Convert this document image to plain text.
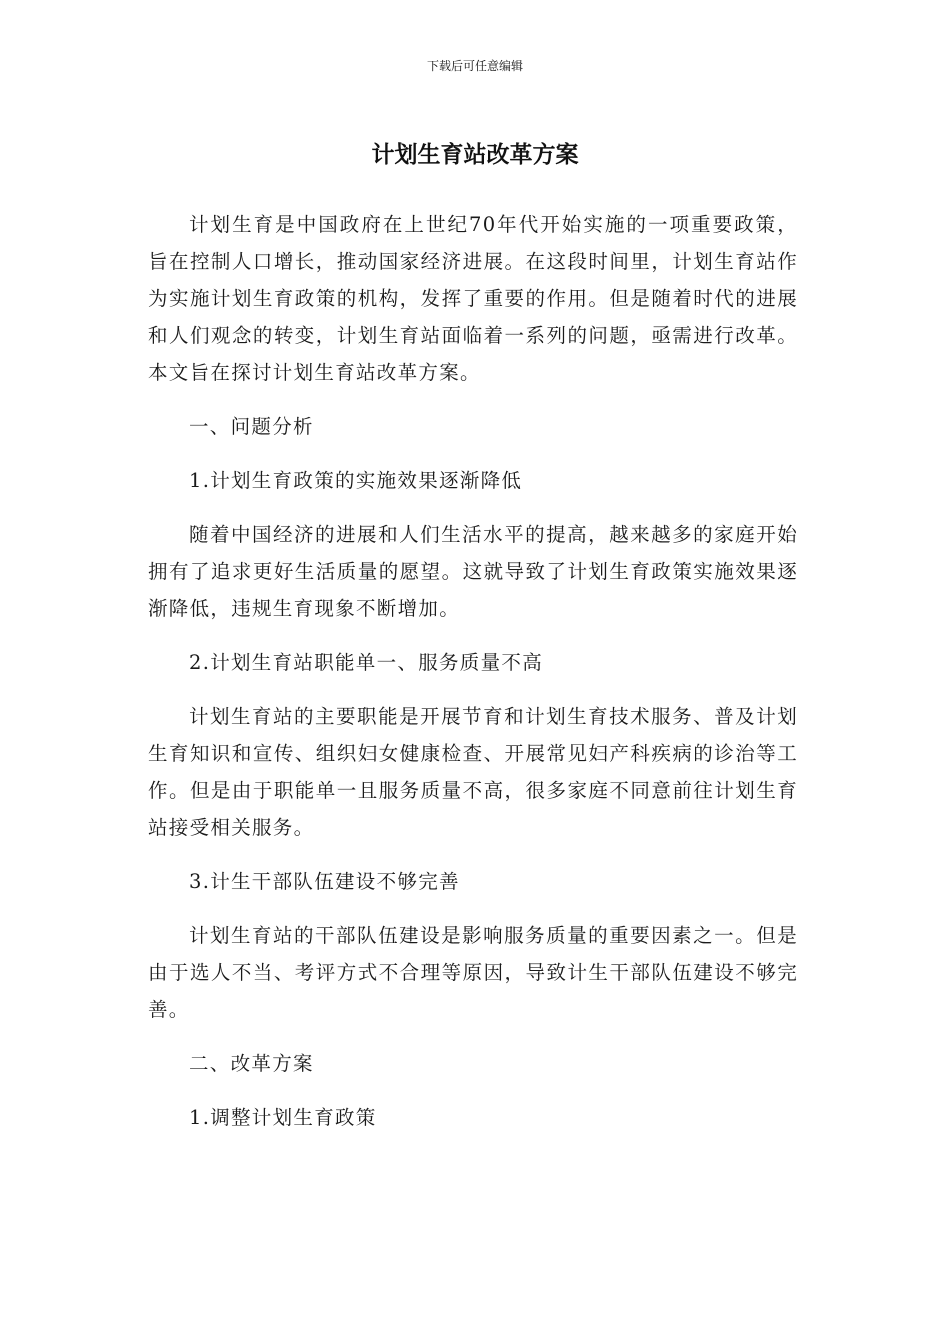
下载后可任意编辑
计划生育站改革方案

计划生育是中国政府在上世纪70年代开始实施的一项重要政策，旨在控制人口增长，推动国家经济进展。在这段时间里，计划生育站作为实施计划生育政策的机构，发挥了重要的作用。但是随着时代的进展和人们观念的转变，计划生育站面临着一系列的问题，亟需进行改革。本文旨在探讨计划生育站改革方案。

一、问题分析

1.计划生育政策的实施效果逐渐降低

随着中国经济的进展和人们生活水平的提高，越来越多的家庭开始拥有了追求更好生活质量的愿望。这就导致了计划生育政策实施效果逐渐降低，违规生育现象不断增加。

2.计划生育站职能单一、服务质量不高

计划生育站的主要职能是开展节育和计划生育技术服务、普及计划生育知识和宣传、组织妇女健康检查、开展常见妇产科疾病的诊治等工作。但是由于职能单一且服务质量不高，很多家庭不同意前往计划生育站接受相关服务。

3.计生干部队伍建设不够完善

计划生育站的干部队伍建设是影响服务质量的重要因素之一。但是由于选人不当、考评方式不合理等原因，导致计生干部队伍建设不够完善。

二、改革方案

1.调整计划生育政策
